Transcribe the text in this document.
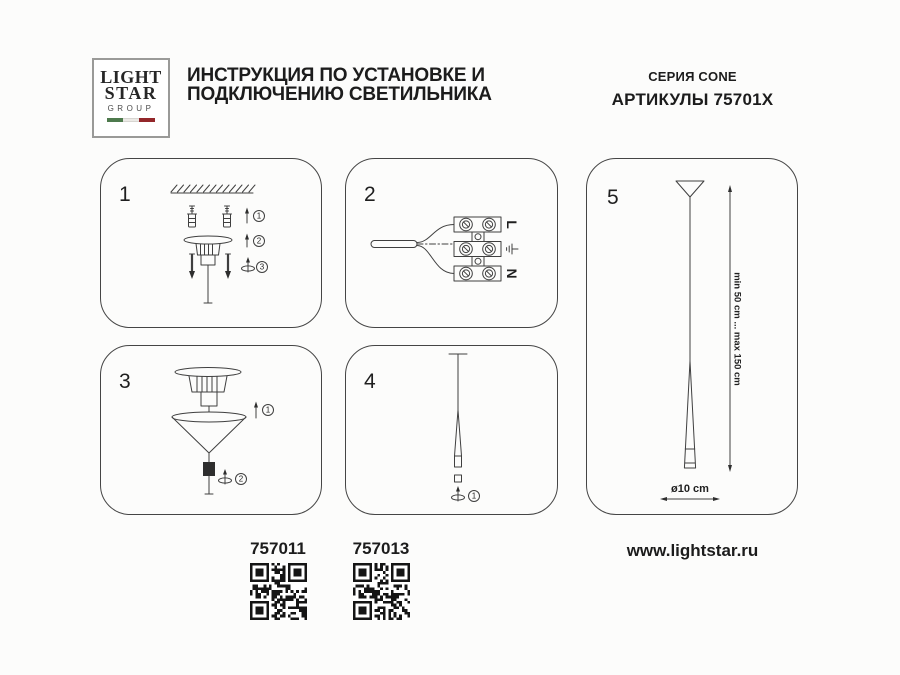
LIGHT
STAR
GROUP
ИНСТРУКЦИЯ ПО УСТАНОВКЕ И
ПОДКЛЮЧЕНИЮ СВЕТИЛЬНИКА
СЕРИЯ CONE
АРТИКУЛЫ 75701X
1
1
2
3
2
L
N
3
1
2
4
1
5
min 50 cm ... max 150 cm
ø10 cm
757011	757013	www.lightstar.ru
